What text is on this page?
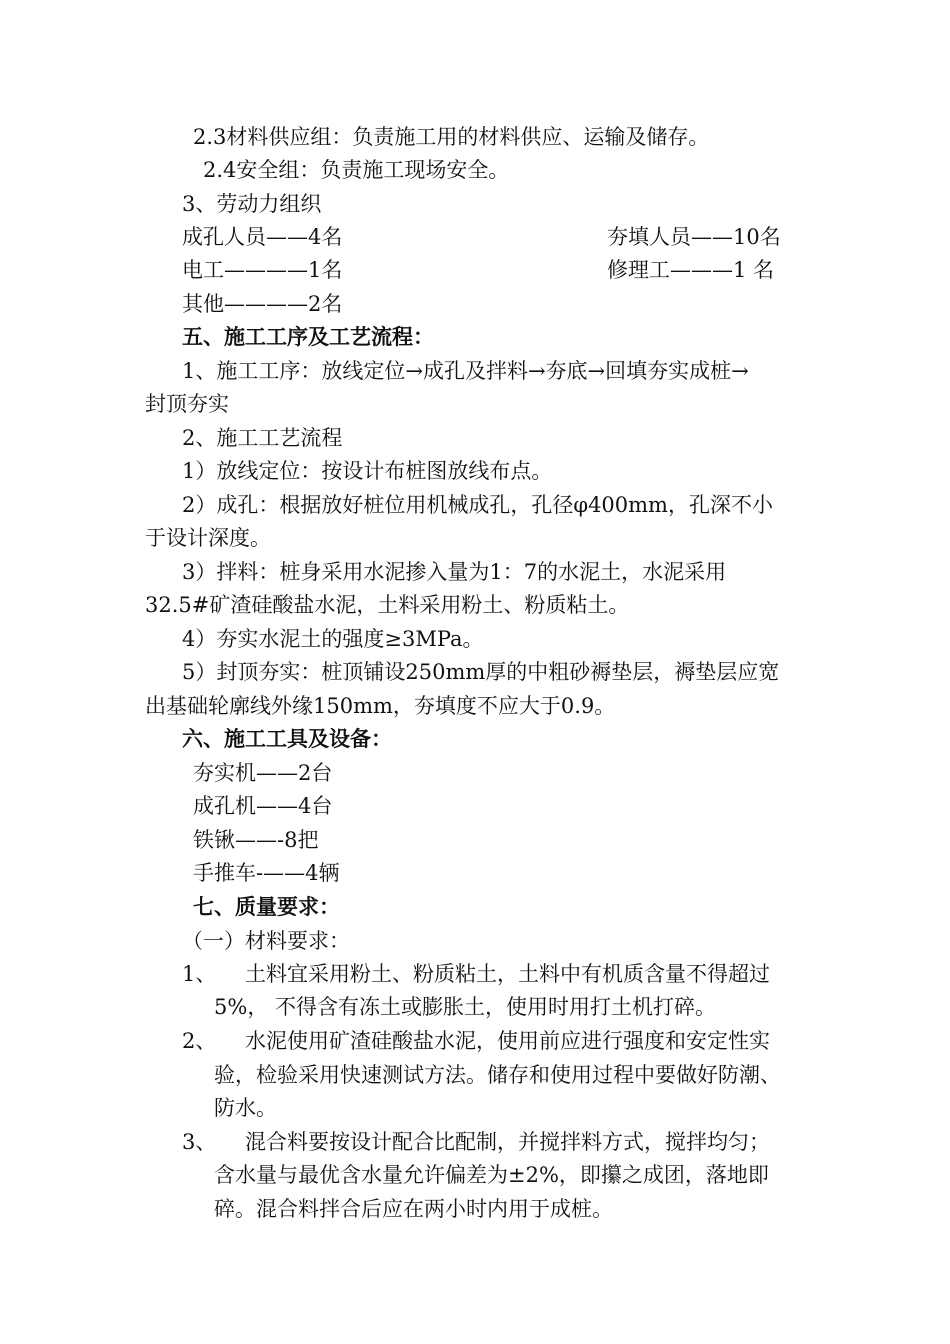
2.3材料供应组：负责施工用的材料供应、运输及储存。
2.4安全组：负责施工现场安全。
3、劳动力组织
成孔人员——4名	夯填人员——10名
电工————1名	修理工———1 名
其他————2名
五、施工工序及工艺流程：
1、施工工序：放线定位→成孔及拌料→夯底→回填夯实成桩→
封顶夯实
2、施工工艺流程
1）放线定位：按设计布桩图放线布点。
2）成孔：根据放好桩位用机械成孔，孔径φ400mm，孔深不小
于设计深度。
3）拌料：桩身采用水泥掺入量为1：7的水泥土，水泥采用
32.5#矿渣硅酸盐水泥，土料采用粉土、粉质粘土。
4）夯实水泥土的强度≥3MPa。
5）封顶夯实：桩顶铺设250mm厚的中粗砂褥垫层，褥垫层应宽
出基础轮廓线外缘150mm，夯填度不应大于0.9。
六、施工工具及设备：
夯实机——2台
成孔机——4台
铁锹——-8把
手推车-——4辆
七、质量要求：
（一）材料要求：
1、 土料宜采用粉土、粉质粘土，土料中有机质含量不得超过
5%， 不得含有冻土或膨胀土，使用时用打土机打碎。
2、 水泥使用矿渣硅酸盐水泥，使用前应进行强度和安定性实
验，检验采用快速测试方法。储存和使用过程中要做好防潮、
防水。
3、 混合料要按设计配合比配制，并搅拌料方式，搅拌均匀；
含水量与最优含水量允许偏差为±2%，即攥之成团，落地即
碎。混合料拌合后应在两小时内用于成桩。
